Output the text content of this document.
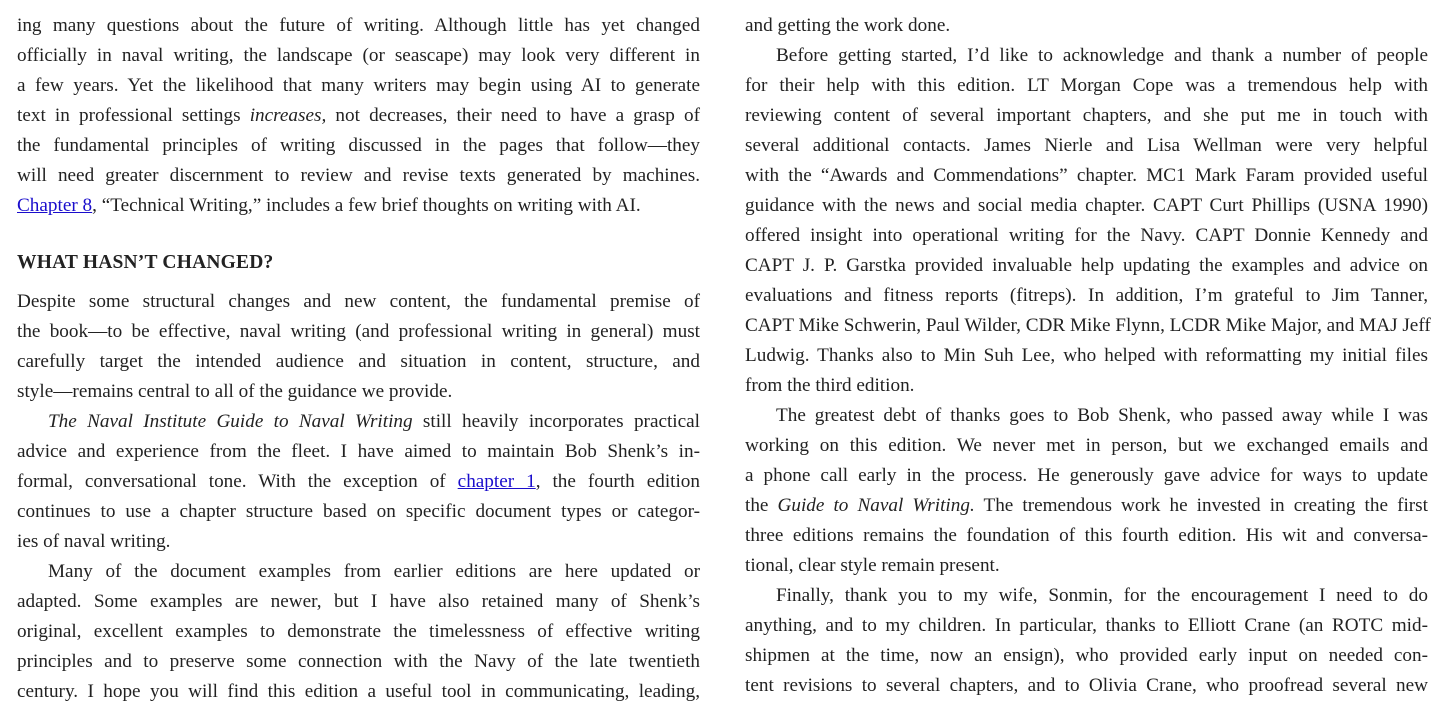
ing many questions about the future of writing. Although little has yet changed
officially in naval writing, the landscape (or seascape) may look very different in
a few years. Yet the likelihood that many writers may begin using AI to generate
text in professional settings increases, not decreases, their need to have a grasp of
the fundamental principles of writing discussed in the pages that follow—they
will need greater discernment to review and revise texts generated by machines.
Chapter 8, “Technical Writing,” includes a few brief thoughts on writing with AI.
WHAT HASN’T CHANGED?
Despite some structural changes and new content, the fundamental premise of
the book—to be effective, naval writing (and professional writing in general) must
carefully target the intended audience and situation in content, structure, and
style—remains central to all of the guidance we provide.
The Naval Institute Guide to Naval Writing still heavily incorporates practical
advice and experience from the fleet. I have aimed to maintain Bob Shenk’s in-
formal, conversational tone. With the exception of chapter 1, the fourth edition
continues to use a chapter structure based on specific document types or categor-
ies of naval writing.
Many of the document examples from earlier editions are here updated or
adapted. Some examples are newer, but I have also retained many of Shenk’s
original, excellent examples to demonstrate the timelessness of effective writing
principles and to preserve some connection with the Navy of the late twentieth
century. I hope you will find this edition a useful tool in communicating, leading,
and getting the work done.
Before getting started, I’d like to acknowledge and thank a number of people
for their help with this edition. LT Morgan Cope was a tremendous help with
reviewing content of several important chapters, and she put me in touch with
several additional contacts. James Nierle and Lisa Wellman were very helpful
with the “Awards and Commendations” chapter. MC1 Mark Faram provided useful
guidance with the news and social media chapter. CAPT Curt Phillips (USNA 1990)
offered insight into operational writing for the Navy. CAPT Donnie Kennedy and
CAPT J. P. Garstka provided invaluable help updating the examples and advice on
evaluations and fitness reports (fitreps). In addition, I’m grateful to Jim Tanner,
CAPT Mike Schwerin, Paul Wilder, CDR Mike Flynn, LCDR Mike Major, and MAJ Jeff
Ludwig. Thanks also to Min Suh Lee, who helped with reformatting my initial files
from the third edition.
The greatest debt of thanks goes to Bob Shenk, who passed away while I was
working on this edition. We never met in person, but we exchanged emails and
a phone call early in the process. He generously gave advice for ways to update
the Guide to Naval Writing. The tremendous work he invested in creating the first
three editions remains the foundation of this fourth edition. His wit and conversa-
tional, clear style remain present.
Finally, thank you to my wife, Sonmin, for the encouragement I need to do
anything, and to my children. In particular, thanks to Elliott Crane (an ROTC mid-
shipmen at the time, now an ensign), who provided early input on needed con-
tent revisions to several chapters, and to Olivia Crane, who proofread several new
